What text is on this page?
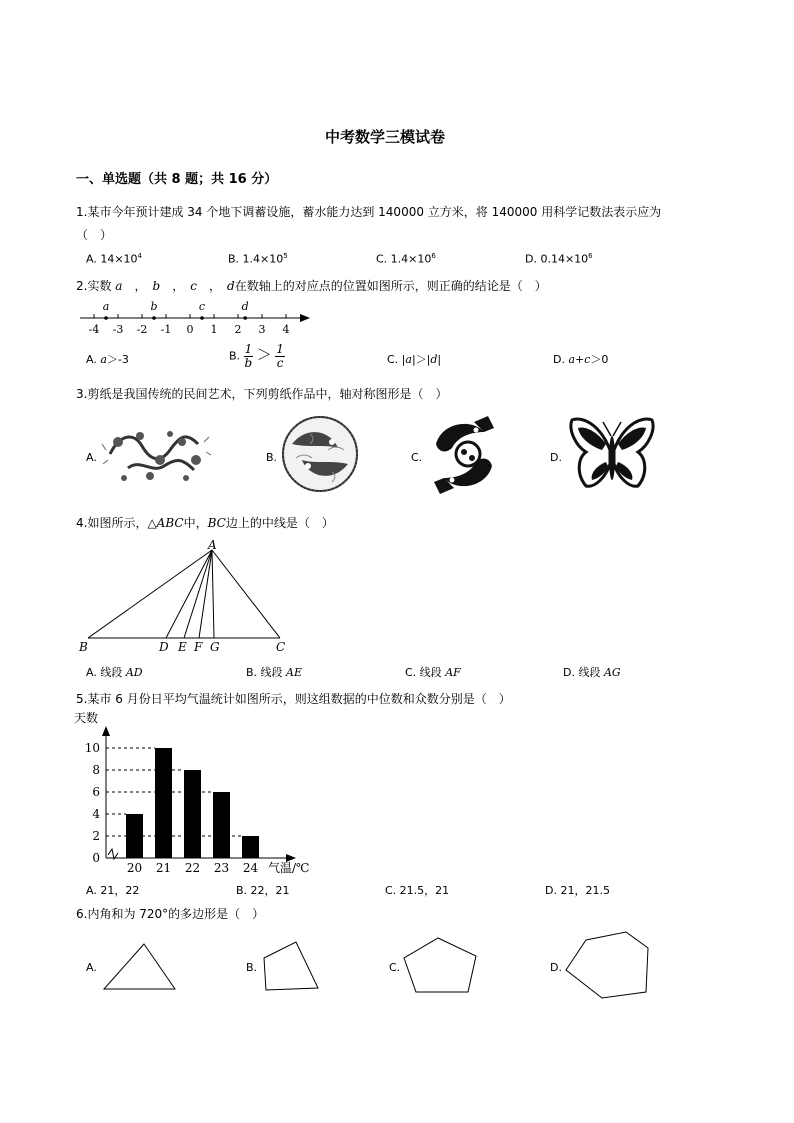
中考数学三模试卷
一、单选题（共 8 题；共 16 分）
1.某市今年预计建成 34 个地下调蓄设施，蓄水能力达到 140000 立方米，将 140000 用科学记数法表示应为
（　）
A. $14\times 10^4$	B. $1.4\times 10^5$	C. $1.4\times 10^6$	D. $0.14\times 10^6$
2.实数 a　 ，　 b　 ，　 c　 ，　 d在数轴上的对应点的位置如图所示，则正确的结论是（　）
-4 -3 -2 -1 0 1 2 3 4
a	b	c	d
A. a＞-3	B. $\frac{1}{b} > \frac{1}{c}$	C. |a|＞|d|	D. a+c＞0
3.剪纸是我国传统的民间艺术，下列剪纸作品中，轴对称图形是（　）
A.	B.	C.	D.
4.如图所示，△ABC中，BC边上的中线是（　）
A
B	C
D E F G
A. 线段 AD	B. 线段 AE	C. 线段 AF	D. 线段 AG
5.某市 6 月份日平均气温统计如图所示，则这组数据的中位数和众数分别是（　）
天数
气温/℃
0
2
4
6
8
10
20 21 22 23 24
A. 21，22	B. 22，21	C. 21.5，21	D. 21，21.5
6.内角和为 720°的多边形是（　）
A.	B.	C.	D.
